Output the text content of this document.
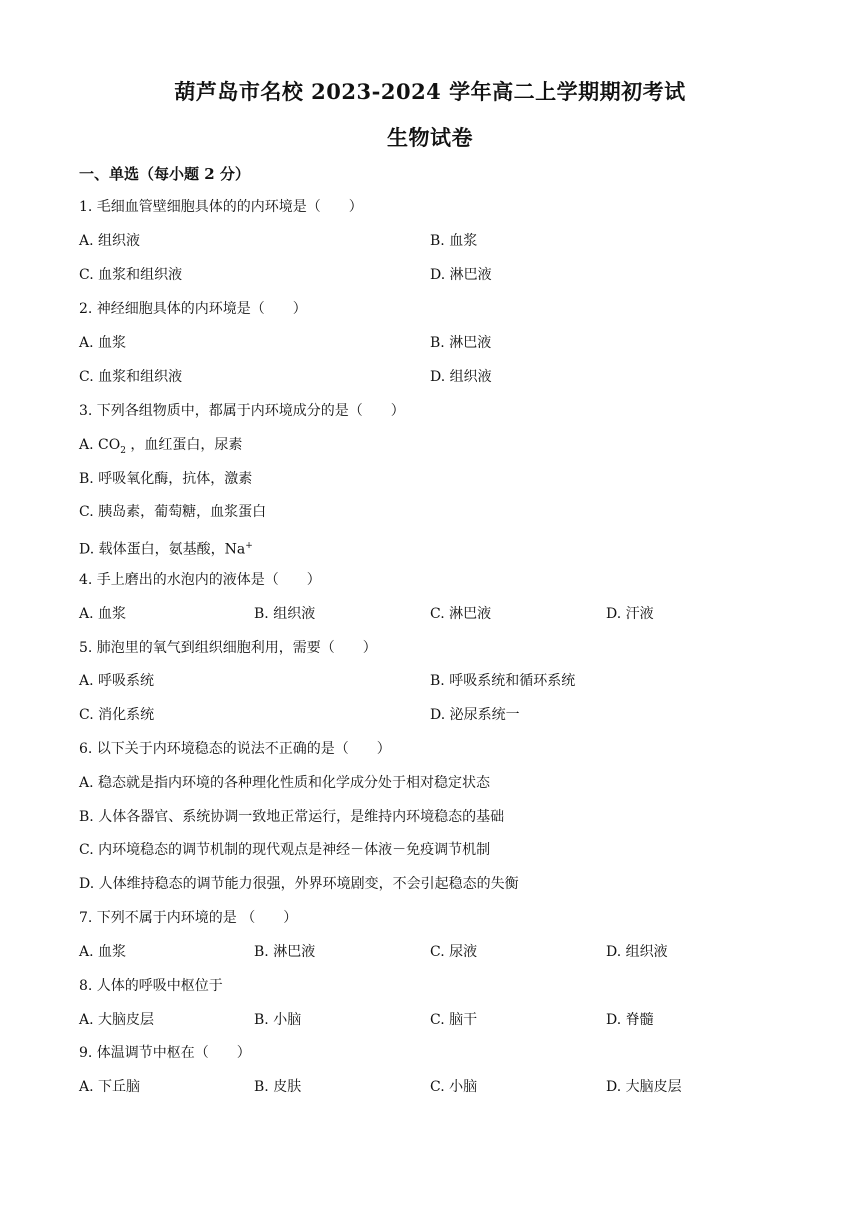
葫芦岛市名校 2023-2024 学年高二上学期期初考试
生物试卷
一、单选（每小题 2 分）
1. 毛细血管壁细胞具体的的内环境是（　　）
A. 组织液	B. 血浆
C. 血浆和组织液	D. 淋巴液
2. 神经细胞具体的内环境是（　　）
A. 血浆	B. 淋巴液
C. 血浆和组织液	D. 组织液
3. 下列各组物质中，都属于内环境成分的是（　　）
A. $CO_2$ ，血红蛋白，尿素
B. 呼吸氧化酶，抗体，激素
C. 胰岛素，葡萄糖，血浆蛋白
D. 载体蛋白，氨基酸，Na+
4. 手上磨出的水泡内的液体是（　　）
A. 血浆	B. 组织液	C. 淋巴液	D. 汗液
5. 肺泡里的氧气到组织细胞利用，需要（　　）
A. 呼吸系统	B. 呼吸系统和循环系统
C. 消化系统	D. 泌尿系统一
6. 以下关于内环境稳态的说法不正确的是（　　）
A. 稳态就是指内环境的各种理化性质和化学成分处于相对稳定状态
B. 人体各器官、系统协调一致地正常运行，是维持内环境稳态的基础
C. 内环境稳态的调节机制的现代观点是神经－体液－免疫调节机制
D. 人体维持稳态的调节能力很强，外界环境剧变，不会引起稳态的失衡
7. 下列不属于内环境的是 （　　）
A. 血浆	B. 淋巴液	C. 尿液	D. 组织液
8. 人体的呼吸中枢位于
A. 大脑皮层	B. 小脑	C. 脑干	D. 脊髓
9. 体温调节中枢在（　　）
A. 下丘脑	B. 皮肤	C. 小脑	D. 大脑皮层
